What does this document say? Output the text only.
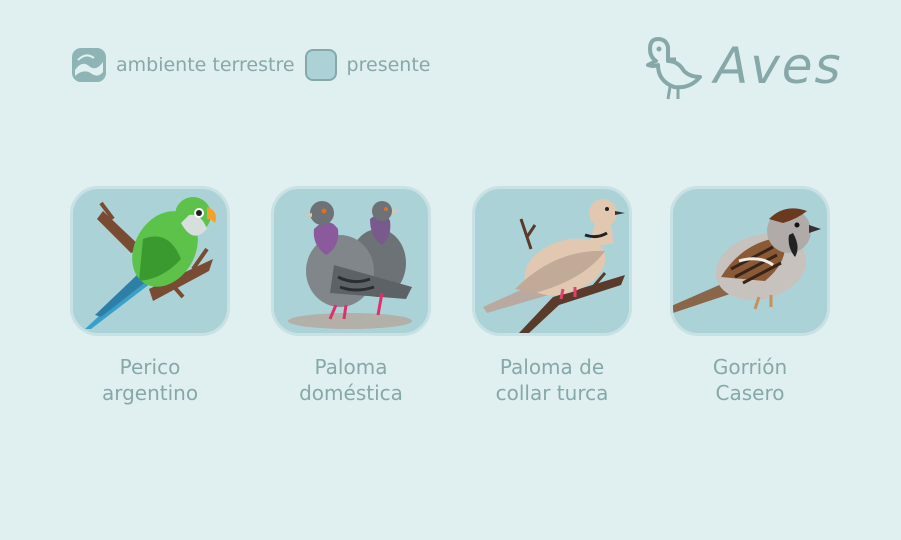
ambiente terrestre	presente	Aves
Perico
argentino
Paloma
doméstica
Paloma de
collar turca
Gorrión
Casero
